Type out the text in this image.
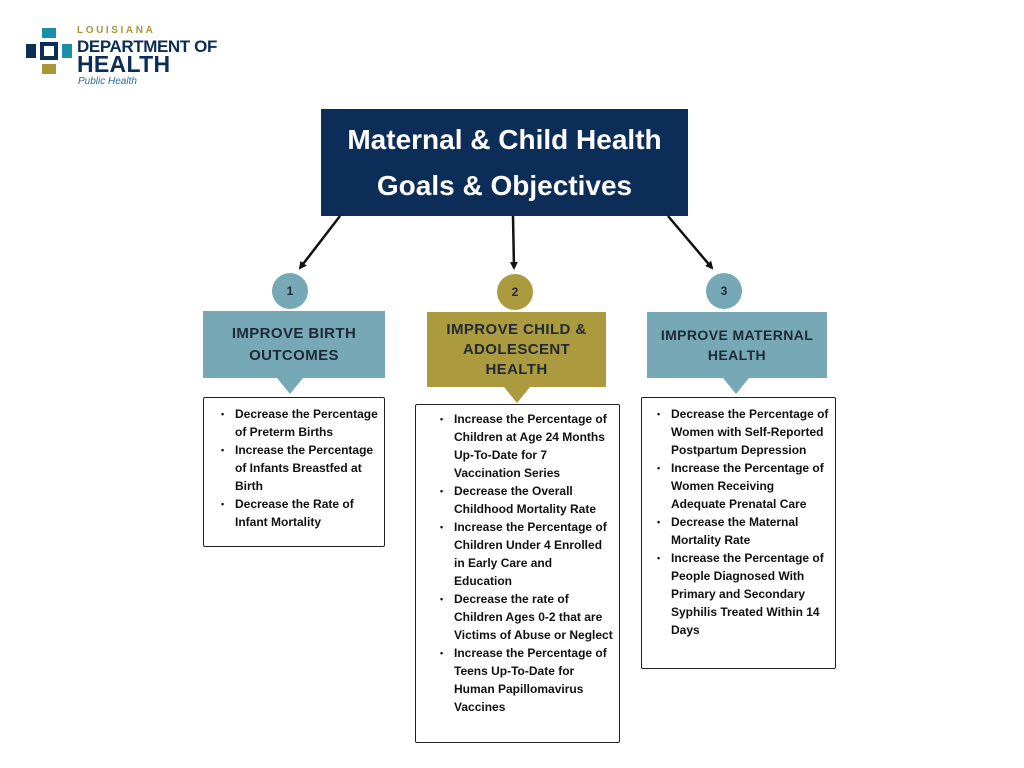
LOUISIANA
DEPARTMENT OF
HEALTH
Public Health
Maternal & Child Health
Goals & Objectives
1
IMPROVE BIRTH OUTCOMES
• Decrease the Percentage of Preterm Births
• Increase the Percentage of Infants Breastfed at Birth
• Decrease the Rate of Infant Mortality
2
IMPROVE CHILD & ADOLESCENT HEALTH
• Increase the Percentage of Children at Age 24 Months Up-To-Date for 7 Vaccination Series
• Decrease the Overall Childhood Mortality Rate
• Increase the Percentage of Children Under 4 Enrolled in Early Care and Education
• Decrease the rate of Children Ages 0-2 that are Victims of Abuse or Neglect
• Increase the Percentage of Teens Up-To-Date for Human Papillomavirus Vaccines
3
IMPROVE MATERNAL HEALTH
• Decrease the Percentage of Women with Self-Reported Postpartum Depression
• Increase the Percentage of Women Receiving Adequate Prenatal Care
• Decrease the Maternal Mortality Rate
• Increase the Percentage of People Diagnosed With Primary and Secondary Syphilis Treated Within 14 Days
